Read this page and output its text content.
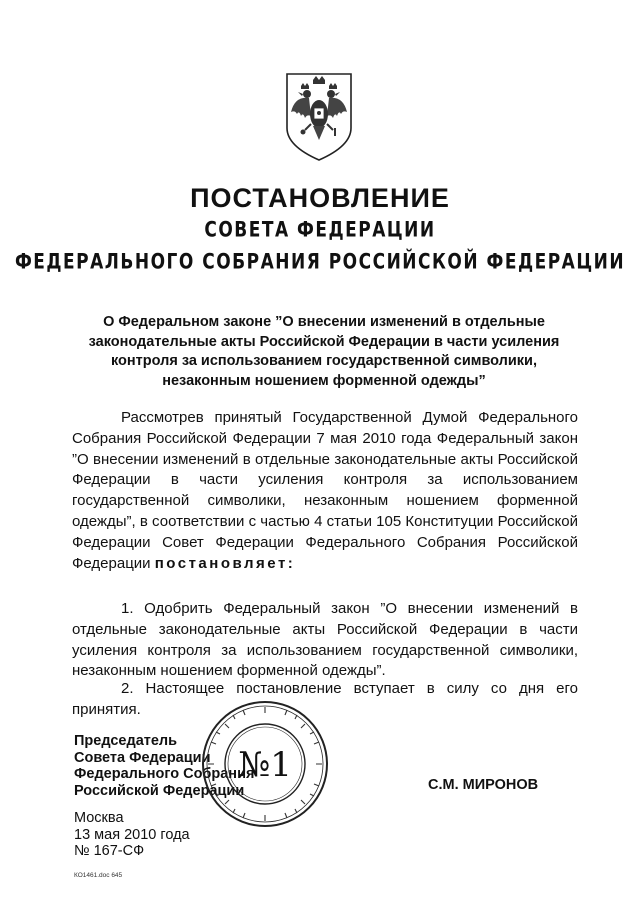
ПОСТАНОВЛЕНИЕ
СОВЕТА ФЕДЕРАЦИИ
ФЕДЕРАЛЬНОГО СОБРАНИЯ РОССИЙСКОЙ ФЕДЕРАЦИИ
О Федеральном законе ”О внесении изменений в отдельные законодательные акты Российской Федерации в части усиления контроля за использованием государственной символики, незаконным ношением форменной одежды”
Рассмотрев принятый Государственной Думой Федерального Собрания Российской Федерации 7 мая 2010 года Федеральный закон ”О внесении изменений в отдельные законодательные акты Российской Федерации в части усиления контроля за использованием государственной символики, незаконным ношением форменной одежды”, в соответствии с частью 4 статьи 105 Конституции Российской Федерации Совет Федерации Федерального Собрания Российской Федерации постановляет:
1. Одобрить Федеральный закон ”О внесении изменений в отдельные законодательные акты Российской Федерации в части усиления контроля за использованием государственной символики, незаконным ношением форменной одежды”.
2. Настоящее постановление вступает в силу со дня его принятия.
Председатель
Совета Федерации
Федерального Собрания
Российской Федерации	С.М. МИРОНОВ
№1
Москва
13 мая 2010 года
№ 167-СФ
КО1461.doc 645
